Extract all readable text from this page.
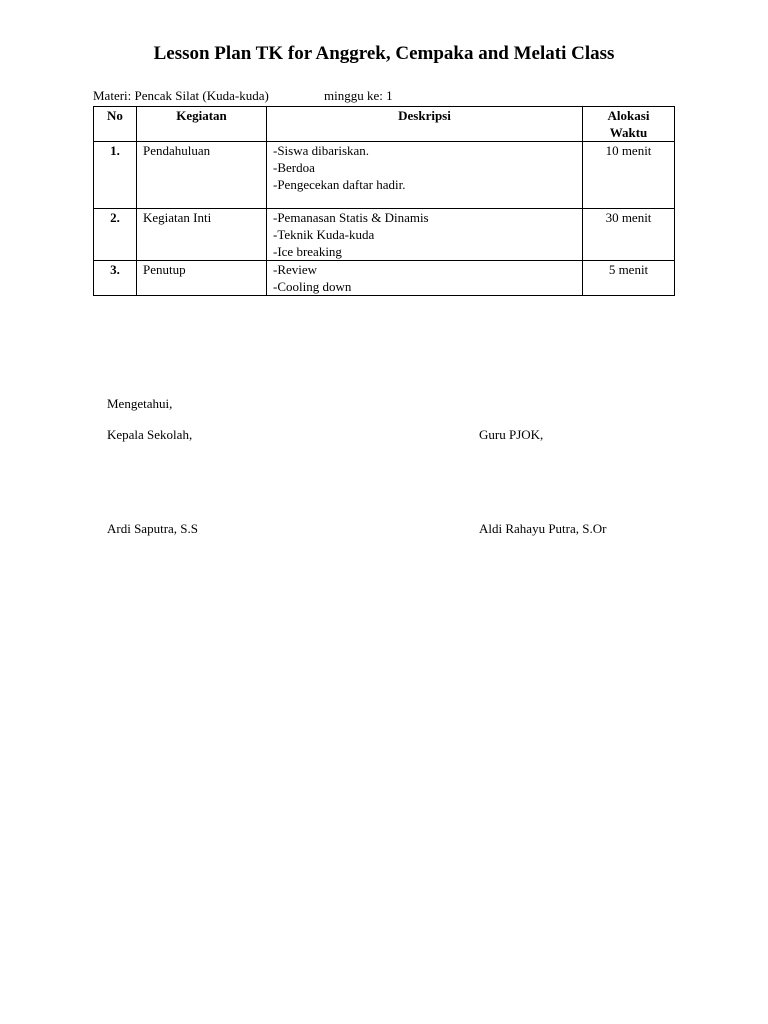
Lesson Plan TK for Anggrek, Cempaka and Melati Class
Materi: Pencak Silat (Kuda-kuda)	minggu ke: 1
No	Kegiatan	Deskripsi	Alokasi
Waktu

1.	Pendahuluan	-Siswa dibariskan.
-Berdoa
-Pengecekan daftar hadir.	10 menit
2.	Kegiatan Inti	-Pemanasan Statis & Dinamis
-Teknik Kuda-kuda
-Ice breaking	30 menit
3.	Penutup	-Review
-Cooling down	5 menit
Mengetahui,
Kepala Sekolah,	Guru PJOK,
Ardi Saputra, S.S	Aldi Rahayu Putra, S.Or
